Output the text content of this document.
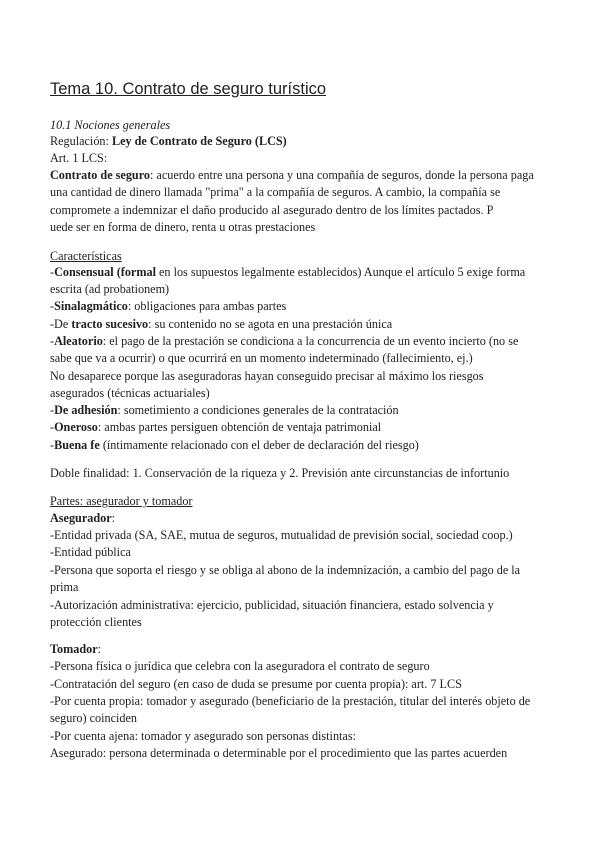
Tema 10. Contrato de seguro turístico

10.1 Nociones generales

Regulación: Ley de Contrato de Seguro (LCS)

Art. 1 LCS:

Contrato de seguro: acuerdo entre una persona y una compañía de seguros, donde la persona paga

una cantidad de dinero llamada "prima" a la compañía de seguros. A cambio, la compañía se

compromete a indemnizar el daño producido al asegurado dentro de los límites pactados. P

uede ser en forma de dinero, renta u otras prestaciones

Características

-Consensual (formal en los supuestos legalmente establecidos) Aunque el artículo 5 exige forma

escrita (ad probationem)

-Sinalagmático: obligaciones para ambas partes

-De tracto sucesivo: su contenido no se agota en una prestación única

-Aleatorio: el pago de la prestación se condiciona a la concurrencia de un evento incierto (no se

sabe que va a ocurrir) o que ocurrirá en un momento indeterminado (fallecimiento, ej.)

No desaparece porque las aseguradoras hayan conseguido precisar al máximo los riesgos

asegurados (técnicas actuariales)

-De adhesión: sometimiento a condiciones generales de la contratación

-Oneroso: ambas partes persiguen obtención de ventaja patrimonial

-Buena fe (íntimamente relacionado con el deber de declaración del riesgo)

Doble finalidad: 1. Conservación de la riqueza y 2. Previsión ante circunstancias de infortunio

Partes: asegurador y tomador

Asegurador:

-Entidad privada (SA, SAE, mutua de seguros, mutualidad de previsión social, sociedad coop.)

-Entidad pública

-Persona que soporta el riesgo y se obliga al abono de la indemnización, a cambio del pago de la

prima

-Autorización administrativa: ejercicio, publicidad, situación financiera, estado solvencia y

protección clientes

Tomador:

-Persona física o jurídica que celebra con la aseguradora el contrato de seguro

-Contratación del seguro (en caso de duda se presume por cuenta propia): art. 7 LCS

-Por cuenta propia: tomador y asegurado (beneficiario de la prestación, titular del interés objeto de

seguro) coinciden

-Por cuenta ajena: tomador y asegurado son personas distintas:

Asegurado: persona determinada o determinable por el procedimiento que las partes acuerden
